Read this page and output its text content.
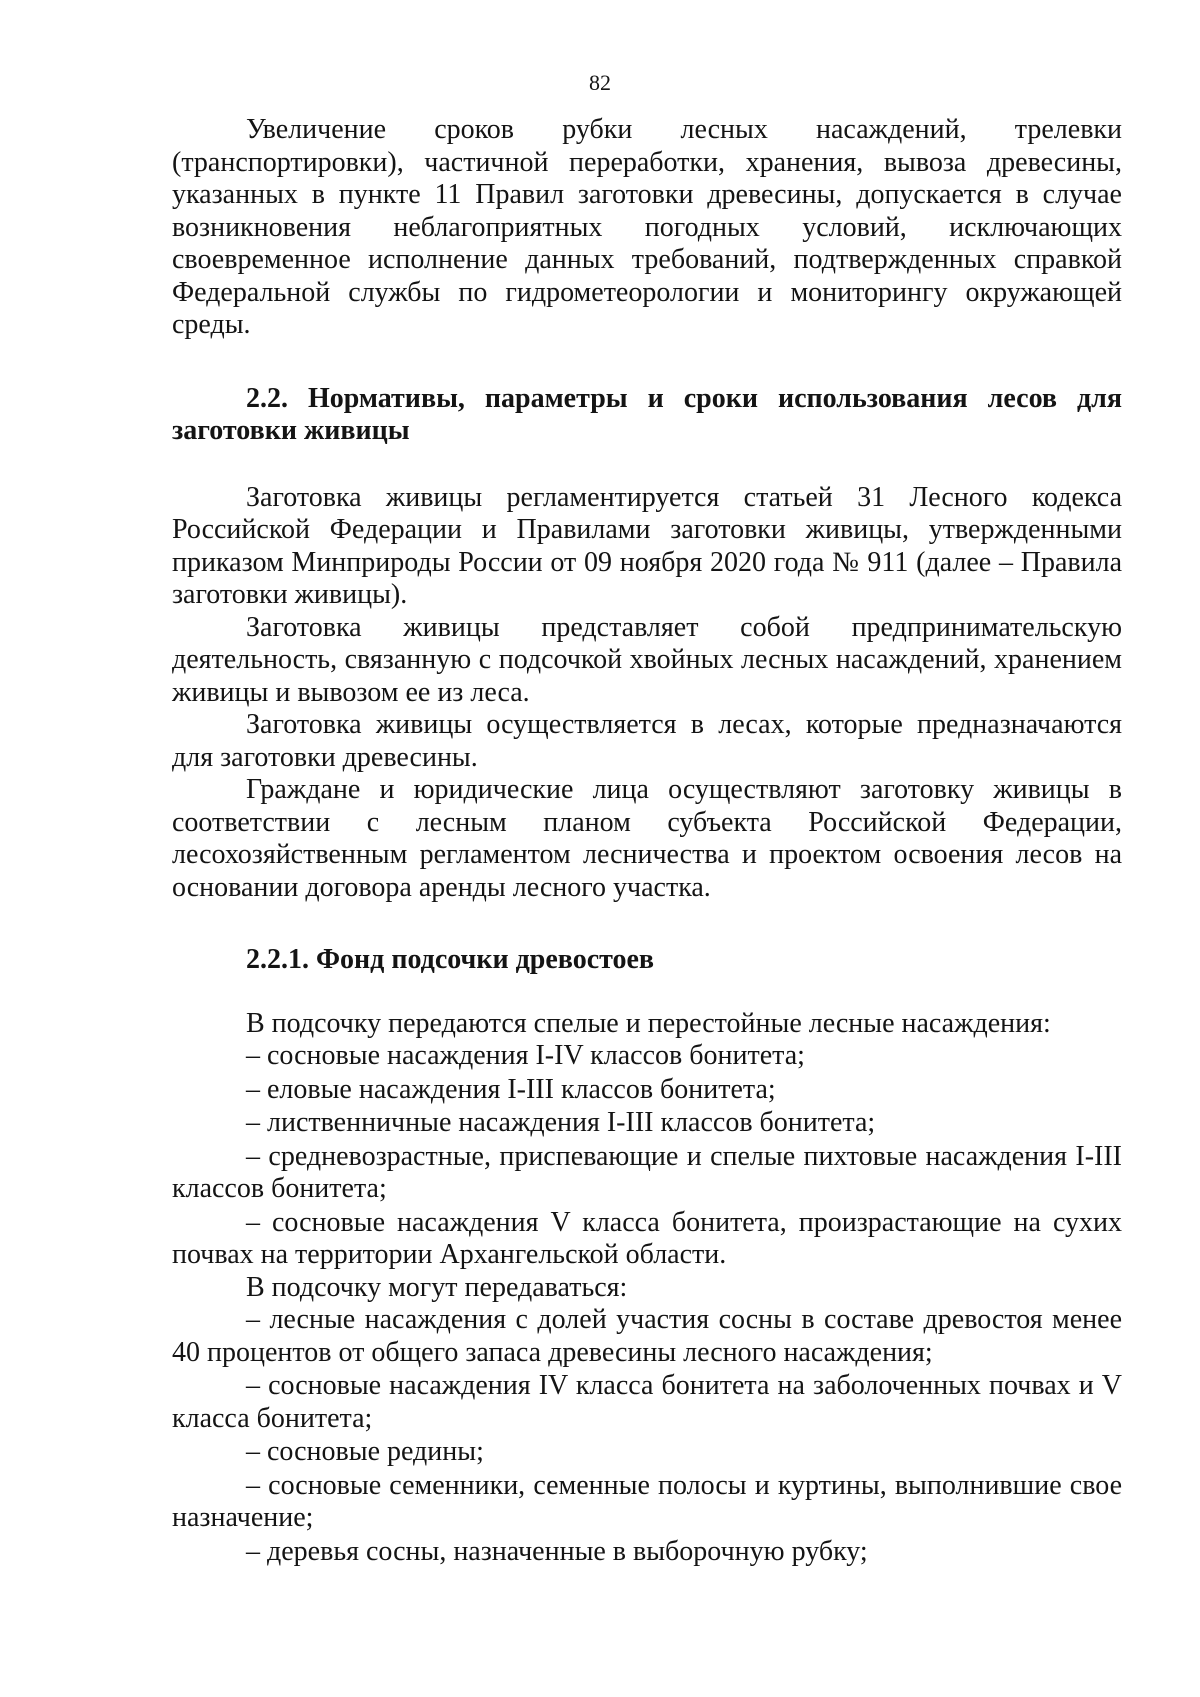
82

Увеличение сроков рубки лесных насаждений, трелевки (транспортировки), частичной переработки, хранения, вывоза древесины, указанных в пункте 11 Правил заготовки древесины, допускается в случае возникновения неблагоприятных погодных условий, исключающих своевременное исполнение данных требований, подтвержденных справкой Федеральной службы по гидрометеорологии и мониторингу окружающей среды.

2.2. Нормативы, параметры и сроки использования лесов для заготовки живицы

Заготовка живицы регламентируется статьей 31 Лесного кодекса Российской Федерации и Правилами заготовки живицы, утвержденными приказом Минприроды России от 09 ноября 2020 года № 911 (далее – Правила заготовки живицы).

Заготовка живицы представляет собой предпринимательскую деятельность, связанную с подсочкой хвойных лесных насаждений, хранением живицы и вывозом ее из леса.

Заготовка живицы осуществляется в лесах, которые предназначаются для заготовки древесины.

Граждане и юридические лица осуществляют заготовку живицы в соответствии с лесным планом субъекта Российской Федерации, лесохозяйственным регламентом лесничества и проектом освоения лесов на основании договора аренды лесного участка.

2.2.1. Фонд подсочки древостоев

В подсочку передаются спелые и перестойные лесные насаждения:

– сосновые насаждения I-IV классов бонитета;

– еловые насаждения I-III классов бонитета;

– лиственничные насаждения I-III классов бонитета;

– средневозрастные, приспевающие и спелые пихтовые насаждения I-III классов бонитета;

– сосновые насаждения V класса бонитета, произрастающие на сухих почвах на территории Архангельской области.

В подсочку могут передаваться:

– лесные насаждения с долей участия сосны в составе древостоя менее 40 процентов от общего запаса древесины лесного насаждения;

– сосновые насаждения IV класса бонитета на заболоченных почвах и V класса бонитета;

– сосновые редины;

– сосновые семенники, семенные полосы и куртины, выполнившие свое назначение;

– деревья сосны, назначенные в выборочную рубку;
